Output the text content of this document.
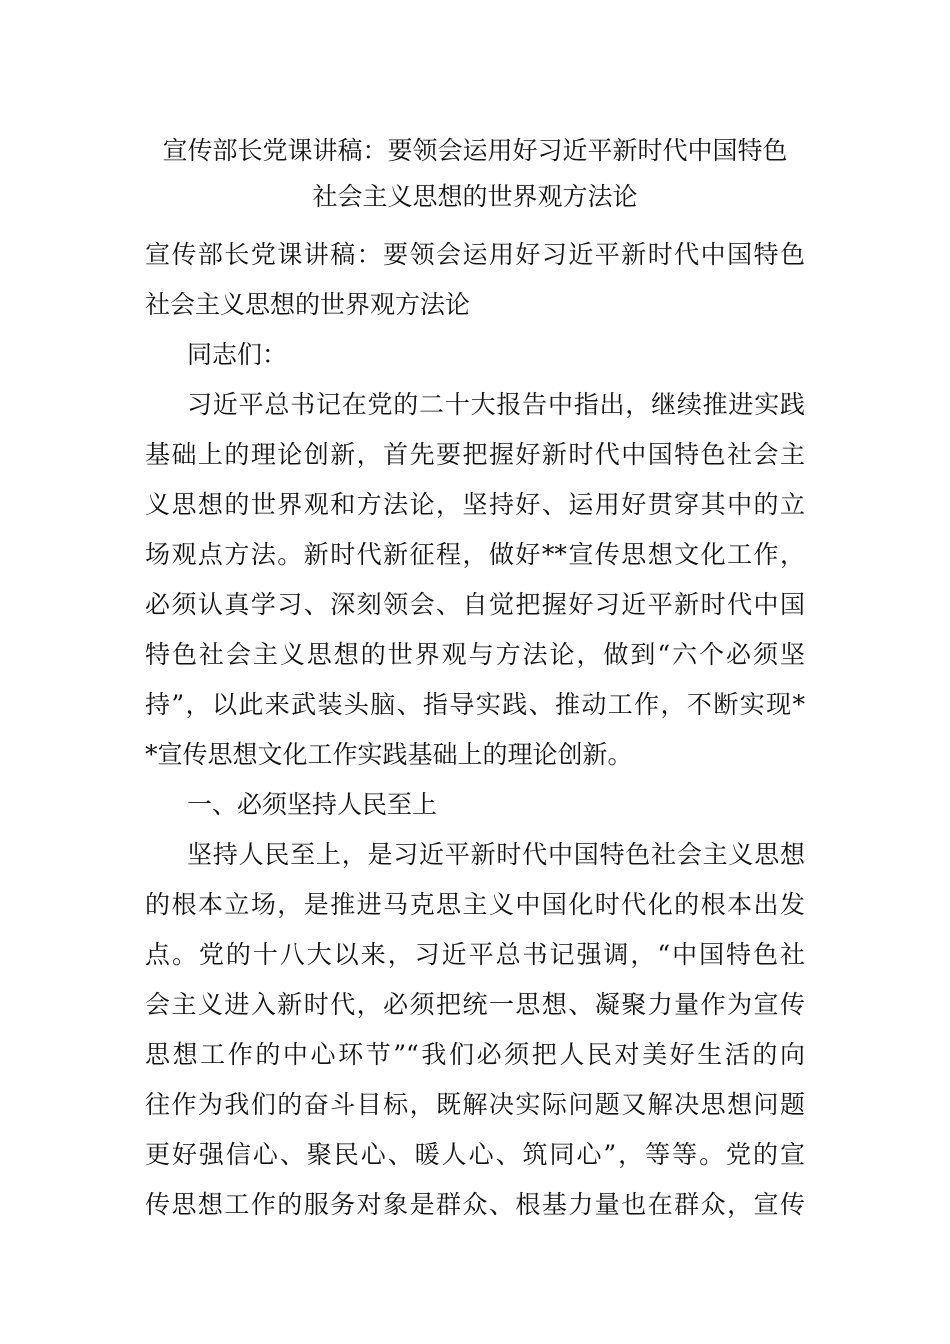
宣传部长党课讲稿：要领会运用好习近平新时代中国特色
社会主义思想的世界观方法论
宣传部长党课讲稿：要领会运用好习近平新时代中国特色
社会主义思想的世界观方法论
同志们：
习近平总书记在党的二十大报告中指出，继续推进实践
基础上的理论创新，首先要把握好新时代中国特色社会主
义思想的世界观和方法论，坚持好、运用好贯穿其中的立
场观点方法。新时代新征程，做好**宣传思想文化工作，
必须认真学习、深刻领会、自觉把握好习近平新时代中国
特色社会主义思想的世界观与方法论，做到“六个必须坚
持”，以此来武装头脑、指导实践、推动工作，不断实现*
*宣传思想文化工作实践基础上的理论创新。
一、必须坚持人民至上
坚持人民至上，是习近平新时代中国特色社会主义思想
的根本立场，是推进马克思主义中国化时代化的根本出发
点。党的十八大以来，习近平总书记强调，“中国特色社
会主义进入新时代，必须把统一思想、凝聚力量作为宣传
思想工作的中心环节”“我们必须把人民对美好生活的向
往作为我们的奋斗目标，既解决实际问题又解决思想问题
更好强信心、聚民心、暖人心、筑同心”，等等。党的宣
传思想工作的服务对象是群众、根基力量也在群众，宣传
